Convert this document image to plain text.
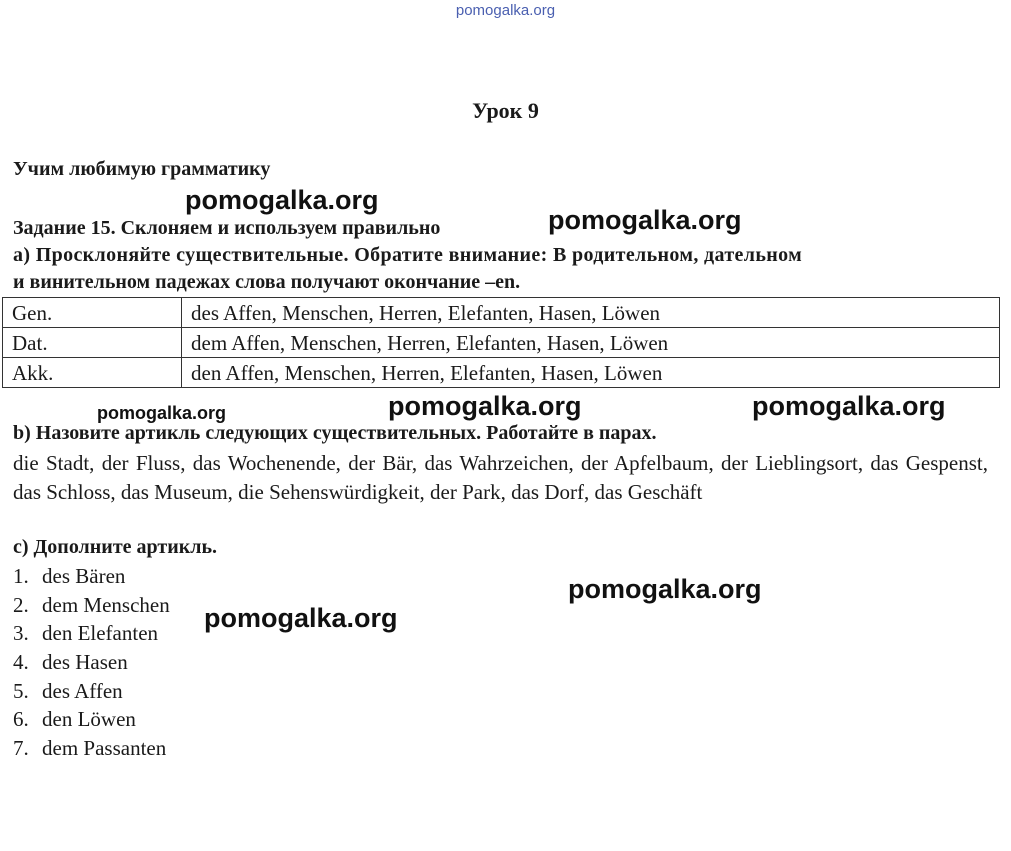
pomogalka.org
Урок 9
Учим любимую грамматику
Задание 15. Склоняем и используем правильно
a) Просклоняйте существительные. Обратите внимание: В родительном, дательном
и винительном падежах слова получают окончание –en.
Gen.	des Affen, Menschen, Herren, Elefanten, Hasen, Löwen
Dat.	dem Affen, Menschen, Herren, Elefanten, Hasen, Löwen
Akk.	den Affen, Menschen, Herren, Elefanten, Hasen, Löwen
b) Назовите артикль следующих существительных. Работайте в парах.
die Stadt, der Fluss, das Wochenende, der Bär, das Wahrzeichen, der Apfelbaum, der Lieblingsort, das Gespenst, das Schloss, das Museum, die Sehenswürdigkeit, der Park, das Dorf, das Geschäft
c) Дополните артикль.
1. des Bären
2. dem Menschen
3. den Elefanten
4. des Hasen
5. des Affen
6. den Löwen
7. dem Passanten
pomogalka.org
pomogalka.org
pomogalka.org	pomogalka.org	pomogalka.org
pomogalka.org
pomogalka.org
